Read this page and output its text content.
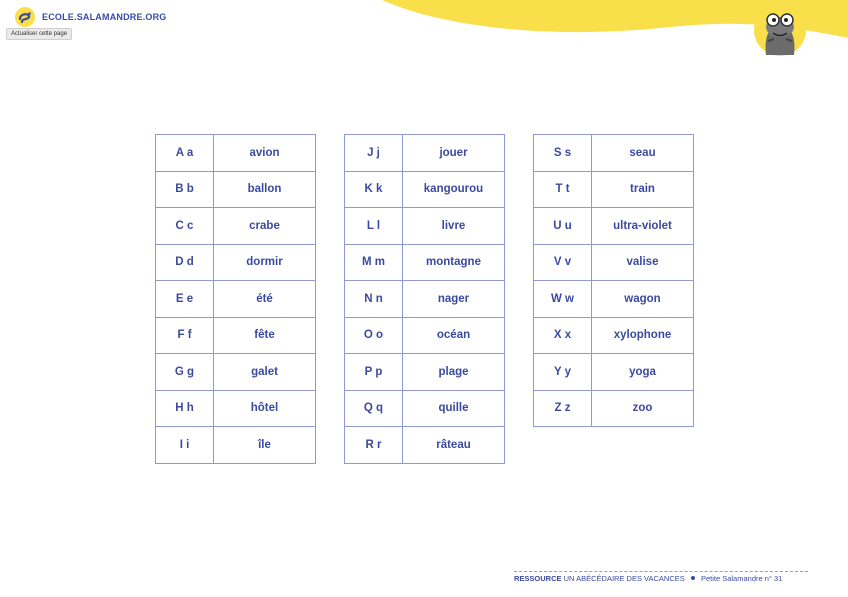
ECOLE.SALAMANDRE.ORG
Actualiser cette page
A a	avion
B b	ballon
C c	crabe
D d	dormir
E e	été
F f	fête
G g	galet
H h	hôtel
I i	île
J j	jouer
K k	kangourou
L l	livre
M m	montagne
N n	nager
O o	océan
P p	plage
Q q	quille
R r	râteau
S s	seau
T t	train
U u	ultra-violet
V v	valise
W w	wagon
X x	xylophone
Y y	yoga
Z z	zoo
RESSOURCE UN ABÉCÉDAIRE DES VACANCES Petite Salamandre n° 31
